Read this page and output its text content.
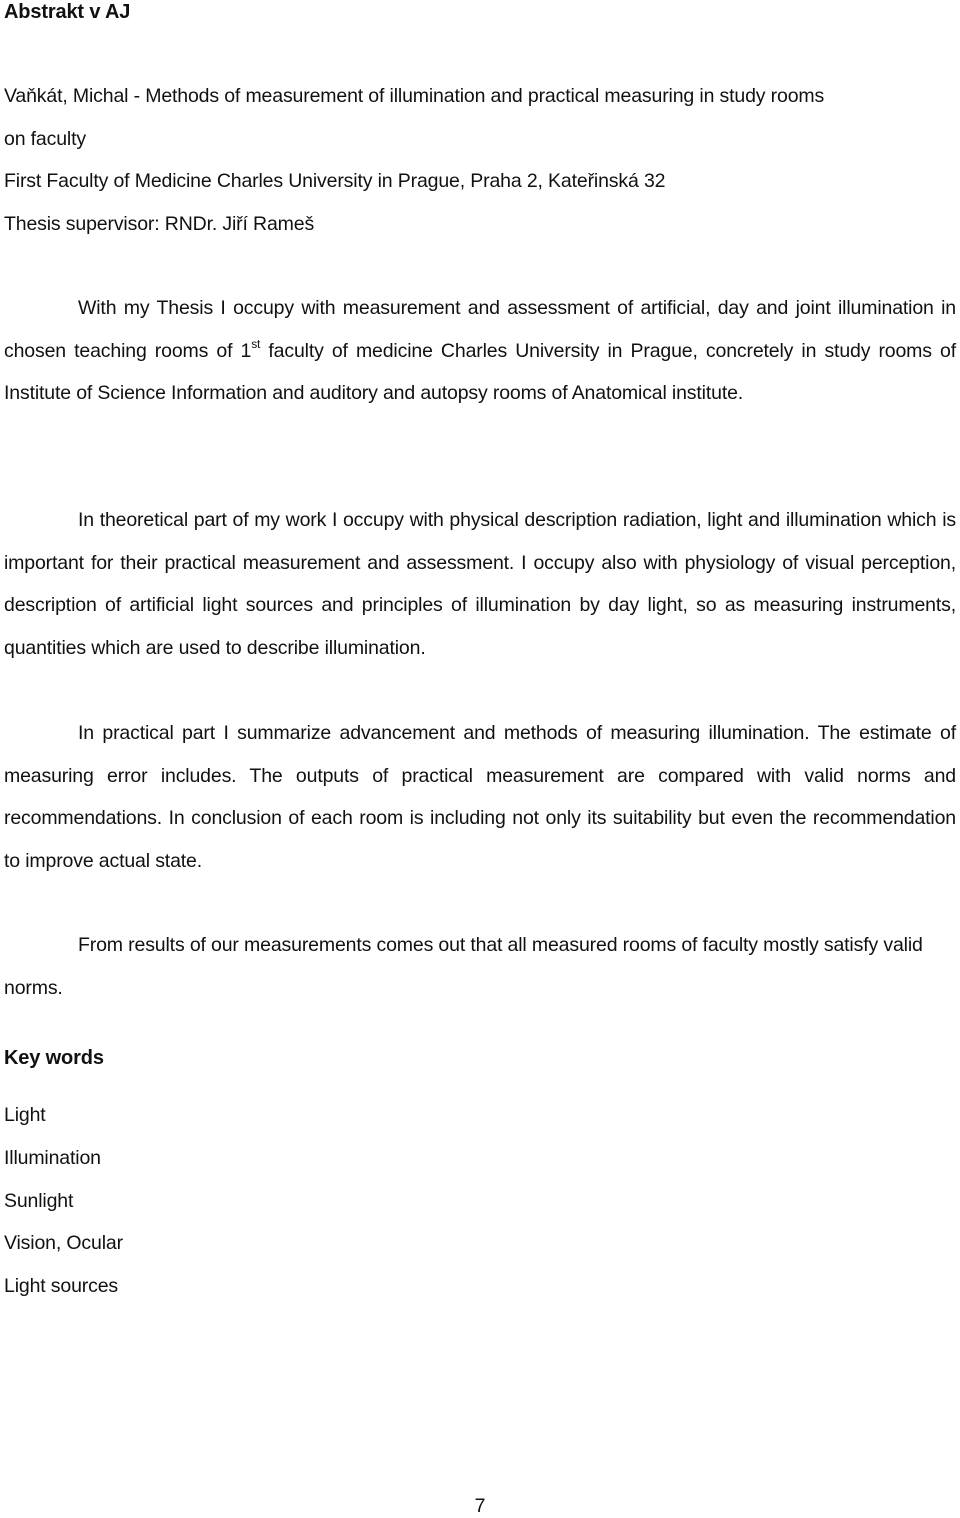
Abstrakt v AJ
Vaňkát, Michal - Methods of measurement of illumination and practical measuring in study rooms
on faculty
First Faculty of Medicine Charles University in Prague, Praha 2, Kateřinská 32
Thesis supervisor: RNDr. Jiří Rameš
With my Thesis I occupy with measurement and assessment of artificial, day and joint illumination in chosen teaching rooms of 1st faculty of medicine Charles University in Prague, concretely in study rooms of Institute of Science Information and auditory and autopsy rooms of Anatomical institute.
In theoretical part of my work I occupy with physical description radiation, light and illumination which is important for their practical measurement and assessment. I occupy also with physiology of visual perception, description of artificial light sources and principles of illumination by day light, so as measuring instruments, quantities which are used to describe illumination.
In practical part I summarize advancement and methods of measuring illumination. The estimate of measuring error includes. The outputs of practical measurement are compared with valid norms and recommendations. In conclusion of each room is including not only its suitability but even the recommendation to improve actual state.
From results of our measurements comes out that all measured rooms of faculty mostly satisfy valid norms.
Key words
Light
Illumination
Sunlight
Vision, Ocular
Light sources
7
